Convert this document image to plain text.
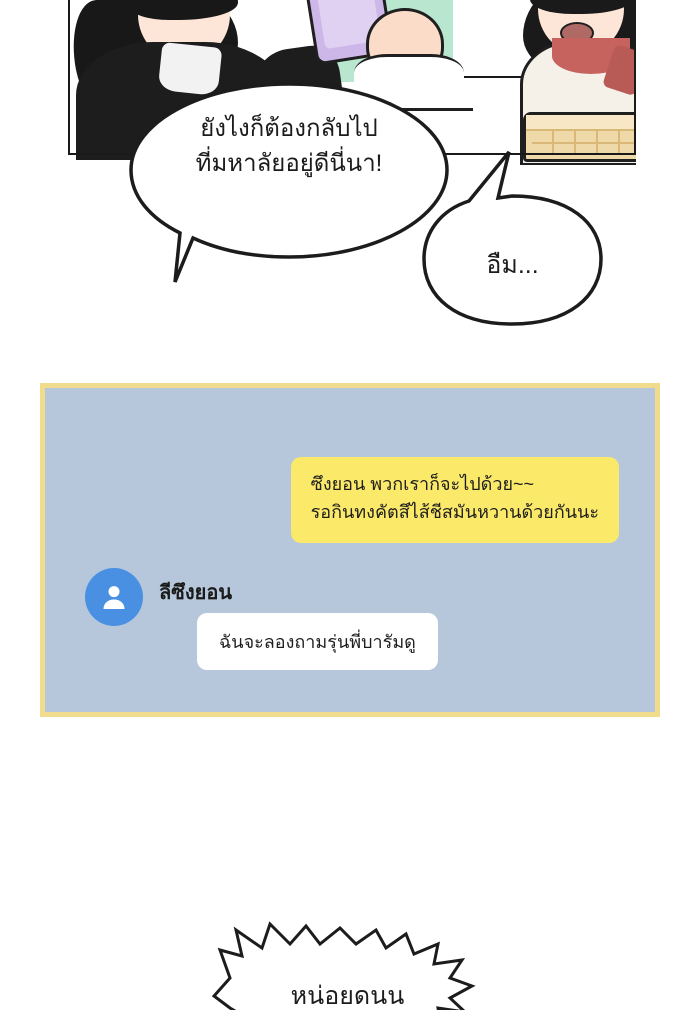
ยังไงก็ต้องกลับไป
ที่มหาลัยอยู่ดีนี่นา!
อืม...
ซึงยอน พวกเราก็จะไปด้วย~~
รอกินทงคัตสึไส้ชีสมันหวานด้วยกันนะ
ลีซึงยอน
ฉันจะลองถามรุ่นพี่บารัมดู
หน่อยดนน
